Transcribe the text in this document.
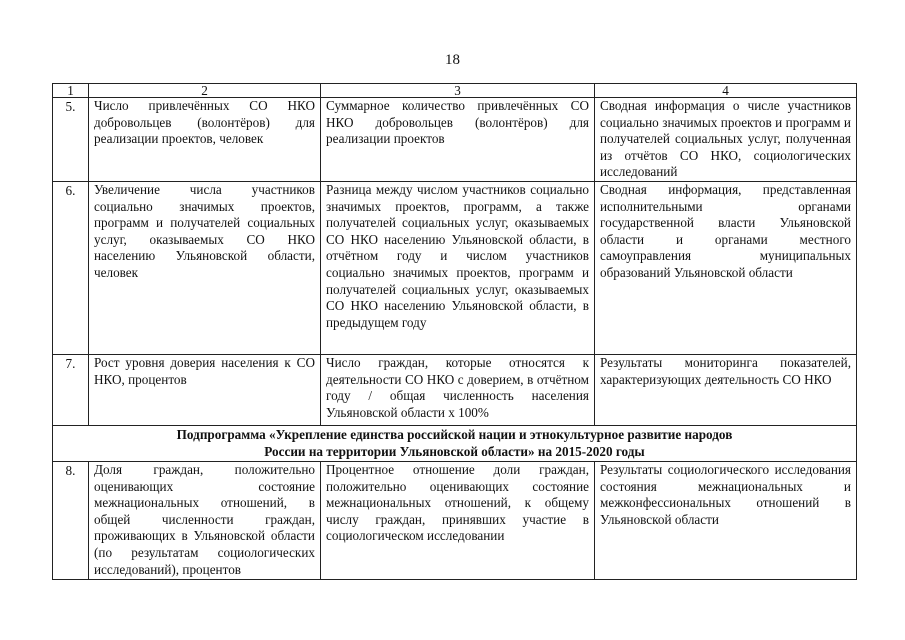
18
1	2	3	4
5.	Число привлечённых СО НКО добровольцев (волонтёров) для реализации проектов, человек	Суммарное количество привлечённых СО НКО добровольцев (волонтёров) для реализации проектов	Сводная информация о числе участников социально значимых проектов и программ и получателей социальных услуг, полученная из отчётов СО НКО, социологических исследований
6.	Увеличение числа участников социально значимых проектов, программ и получателей социальных услуг, оказываемых СО НКО населению Ульяновской области, человек	Разница между числом участников социально значимых проектов, программ, а также получателей социальных услуг, оказываемых СО НКО населению Ульяновской области, в отчётном году и числом участников социально значимых проектов, программ и получателей социальных услуг, оказываемых СО НКО населению Ульяновской области, в предыдущем году	Сводная информация, представленная исполнительными органами государственной власти Ульяновской области и органами местного самоуправления муниципальных образований Ульяновской области
7.	Рост уровня доверия населения к СО НКО, процентов	Число граждан, которые относятся к деятельности СО НКО с доверием, в отчётном году / общая численность населения Ульяновской области х 100%	Результаты мониторинга показателей, характеризующих деятельность СО НКО

Подпрограмма «Укрепление единства российской нации и этнокультурное развитие народов
России на территории Ульяновской области» на 2015-2020 годы			

8.	Доля граждан, положительно оценивающих состояние межнациональных отношений, в общей численности граждан, проживающих в Ульяновской области (по результатам социологических исследований), процентов	Процентное отношение доли граждан, положительно оценивающих состояние межнациональных отношений, к общему числу граждан, принявших участие в социологическом исследовании	Результаты социологического исследования состояния межнациональных и межконфессиональных отношений в Ульяновской области
